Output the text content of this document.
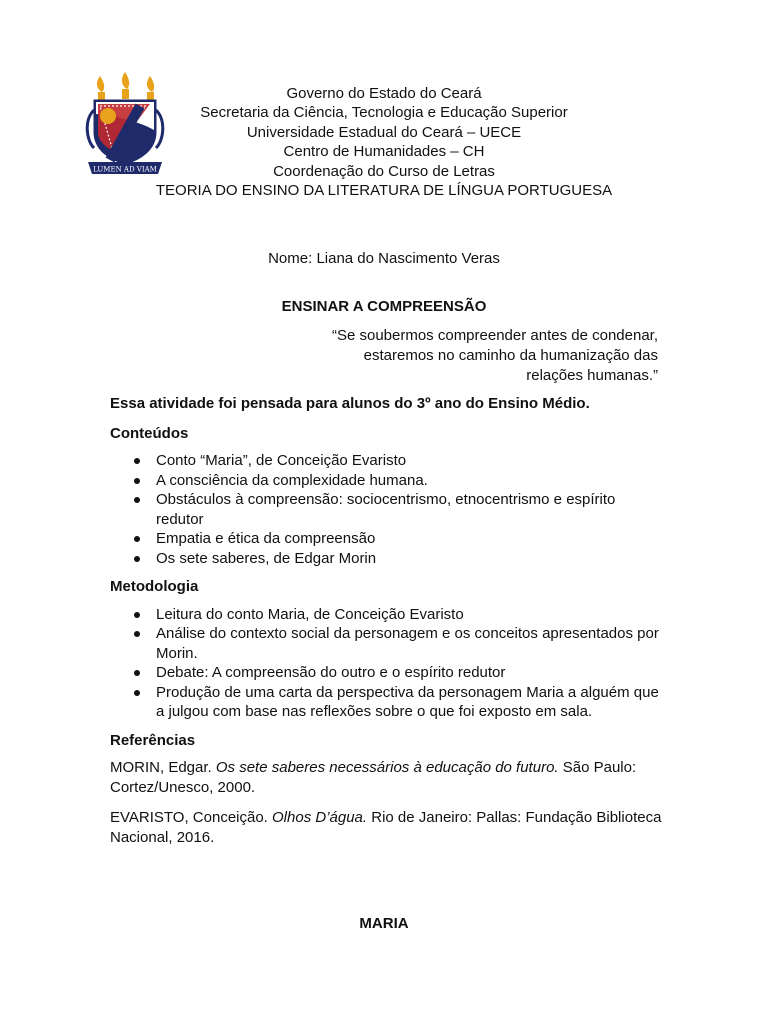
LUMEN AD VIAM
Governo do Estado do Ceará
Secretaria da Ciência, Tecnologia e Educação Superior
Universidade Estadual do Ceará – UECE
Centro de Humanidades – CH
Coordenação do Curso de Letras
TEORIA DO ENSINO DA LITERATURA DE LÍNGUA PORTUGUESA
Nome: Liana do Nascimento Veras
ENSINAR A COMPREENSÃO
“Se soubermos compreender antes de condenar,
estaremos no caminho da humanização das
relações humanas.”

Essa atividade foi pensada para alunos do 3º ano do Ensino Médio.

Conteúdos

Conto “Maria”, de Conceição Evaristo
A consciência da complexidade humana.
Obstáculos à compreensão: sociocentrismo, etnocentrismo e espírito redutor
Empatia e ética da compreensão
Os sete saberes, de Edgar Morin

Metodologia

Leitura do conto Maria, de Conceição Evaristo
Análise do contexto social da personagem e os conceitos apresentados por Morin.
Debate: A compreensão do outro e o espírito redutor
Produção de uma carta da perspectiva da personagem Maria a alguém que a julgou com base nas reflexões sobre o que foi exposto em sala.

Referências

MORIN, Edgar. Os sete saberes necessários à educação do futuro. São Paulo: Cortez/Unesco, 2000.

EVARISTO, Conceição. Olhos D’água. Rio de Janeiro: Pallas: Fundação Biblioteca Nacional, 2016.

MARIA
